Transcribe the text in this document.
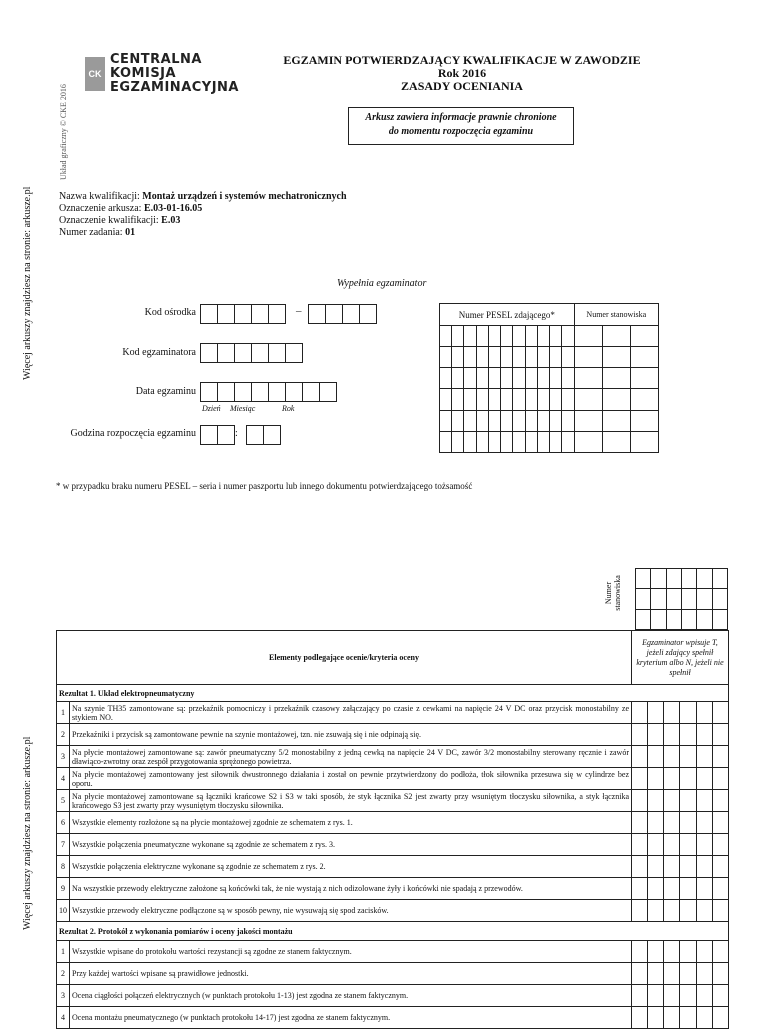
Więcej arkuszy znajdziesz na stronie: arkusze.pl
Więcej arkuszy znajdziesz na stronie: arkusze.pl
Układ graficzny © CKE 2016
CK
CENTRALNA
KOMISJA
EGZAMINACYJNA
EGZAMIN POTWIERDZAJĄCY KWALIFIKACJE W ZAWODZIE
Rok 2016
ZASADY OCENIANIA
Arkusz zawiera informacje prawnie chronione
do momentu rozpoczęcia egzaminu
Nazwa kwalifikacji: Montaż urządzeń i systemów mechatronicznych
Oznaczenie arkusza: E.03-01-16.05
Oznaczenie kwalifikacji: E.03
Numer zadania: 01
Wypełnia egzaminator
Kod ośrodka	–
Kod egzaminatora
Data egzaminu
Dzień Miesiąc	Rok
Godzina rozpoczęcia egzaminu	:
Numer PESEL zdającego*											Numer stanowiska		

* w przypadku braku numeru PESEL – seria i numer paszportu lub innego dokumentu potwierdzającego tożsamość
Numer stanowiska

Elementy podlegające ocenie/kryteria oceny		Egzaminator wpisuje T, jeżeli zdający spełnił kryterium albo N, jeżeli nie spełnił					
Rezultat 1. Układ elektropneumatyczny							
1	Na szynie TH35 zamontowane są: przekaźnik pomocniczy i przekaźnik czasowy załączający po czasie z cewkami na napięcie 24 V DC oraz przycisk monostabilny ze stykiem NO.						
2	Przekaźniki i przycisk są zamontowane pewnie na szynie montażowej, tzn. nie zsuwają się i nie odpinają się.						
3	Na płycie montażowej zamontowane są: zawór pneumatyczny 5/2 monostabilny z jedną cewką na napięcie 24 V DC, zawór 3/2 monostabilny sterowany ręcznie i zawór dławiąco-zwrotny oraz zespół przygotowania sprężonego powietrza.						
4	Na płycie montażowej zamontowany jest siłownik dwustronnego działania i został on pewnie przytwierdzony do podłoża, tłok siłownika przesuwa się w cylindrze bez oporu.						
5	Na płycie montażowej zamontowane są łączniki krańcowe S2 i S3 w taki sposób, że styk łącznika S2 jest zwarty przy wsuniętym tłoczysku siłownika, a styk łącznika krańcowego S3 jest zwarty przy wysuniętym tłoczysku siłownika.						
6	Wszystkie elementy rozłożone są na płycie montażowej zgodnie ze schematem z rys. 1.						
7	Wszystkie połączenia pneumatyczne wykonane są zgodnie ze schematem z rys. 3.						
8	Wszystkie połączenia elektryczne wykonane są zgodnie ze schematem z rys. 2.						
9	Na wszystkie przewody elektryczne założone są końcówki tak, że nie wystają z nich odizolowane żyły i końcówki nie spadają z przewodów.						
10	Wszystkie przewody elektryczne podłączone są w sposób pewny, nie wysuwają się spod zacisków.						
Rezultat 2. Protokół z wykonania pomiarów i oceny jakości montażu							
1	Wszystkie wpisane do protokołu wartości rezystancji są zgodne ze stanem faktycznym.						
2	Przy każdej wartości wpisane są prawidłowe jednostki.						
3	Ocena ciągłości połączeń elektrycznych (w punktach protokołu 1-13) jest zgodna ze stanem faktycznym.						
4	Ocena montażu pneumatycznego (w punktach protokołu 14-17) jest zgodna ze stanem faktycznym.						
